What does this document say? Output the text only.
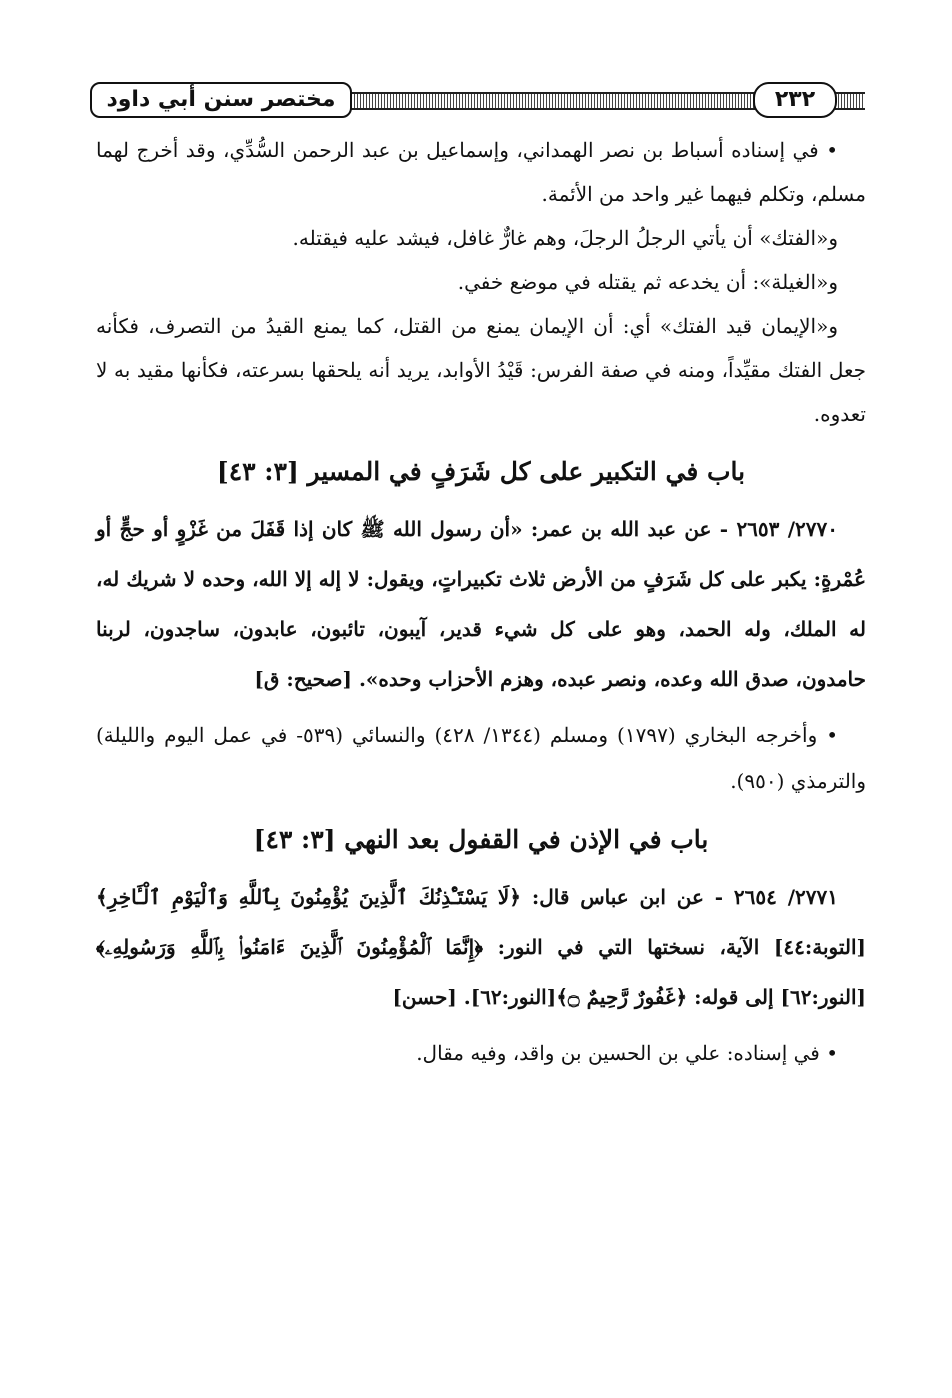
مختصر سنن أبي داود	٢٣٢

• في إسناده أسباط بن نصر الهمداني، وإسماعيل بن عبد الرحمن السُّدِّي، وقد أخرج لهما مسلم، وتكلم فيهما غير واحد من الأئمة.

و«الفتك» أن يأتي الرجلُ الرجلَ، وهم غارٌّ غافل، فيشد عليه فيقتله.

و«الغيلة»: أن يخدعه ثم يقتله في موضع خفي.

و«الإيمان قيد الفتك» أي: أن الإيمان يمنع من القتل، كما يمنع القيدُ من التصرف، فكأنه جعل الفتك مقيِّداً، ومنه في صفة الفرس: قَيْدُ الأوابد، يريد أنه يلحقها بسرعته، فكأنها مقيد به لا تعدوه.

باب في التكبير على كل شَرَفٍ في المسير [٣: ٤٣]

٢٧٧٠/ ٢٦٥٣ - عن عبد الله بن عمر: «أن رسول الله ﷺ كان إذا قَفَلَ من غَزْوٍ أو حجٍّ أو عُمْرةٍ: يكبر على كل شَرَفٍ من الأرض ثلاث تكبيراتٍ، ويقول: لا إله إلا الله، وحده لا شريك له، له الملك، وله الحمد، وهو على كل شيء قدير، آيبون، تائبون، عابدون، ساجدون، لربنا حامدون، صدق الله وعده، ونصر عبده، وهزم الأحزاب وحده». [صحيح: ق]

• وأخرجه البخاري (١٧٩٧) ومسلم (١٣٤٤/ ٤٢٨) والنسائي (٥٣٩- في عمل اليوم والليلة) والترمذي (٩٥٠).

باب في الإذن في القفول بعد النهي [٣: ٤٣]

٢٧٧١/ ٢٦٥٤ - عن ابن عباس قال: ﴿لَا يَسْتَـْٔذِنُكَ ٱلَّذِينَ يُؤْمِنُونَ بِٱللَّهِ وَٱلْيَوْمِ ٱلْـَٔاخِرِ﴾[التوبة:٤٤] الآية، نسختها التي في النور: ﴿إِنَّمَا ٱلْمُؤْمِنُونَ ٱلَّذِينَ ءَامَنُوا۟ بِٱللَّهِ وَرَسُولِهِۦ﴾[النور:٦٢] إلى قوله: ﴿غَفُورٌ رَّحِيمٌ ۝﴾[النور:٦٢]. [حسن]

• في إسناده: علي بن الحسين بن واقد، وفيه مقال.
